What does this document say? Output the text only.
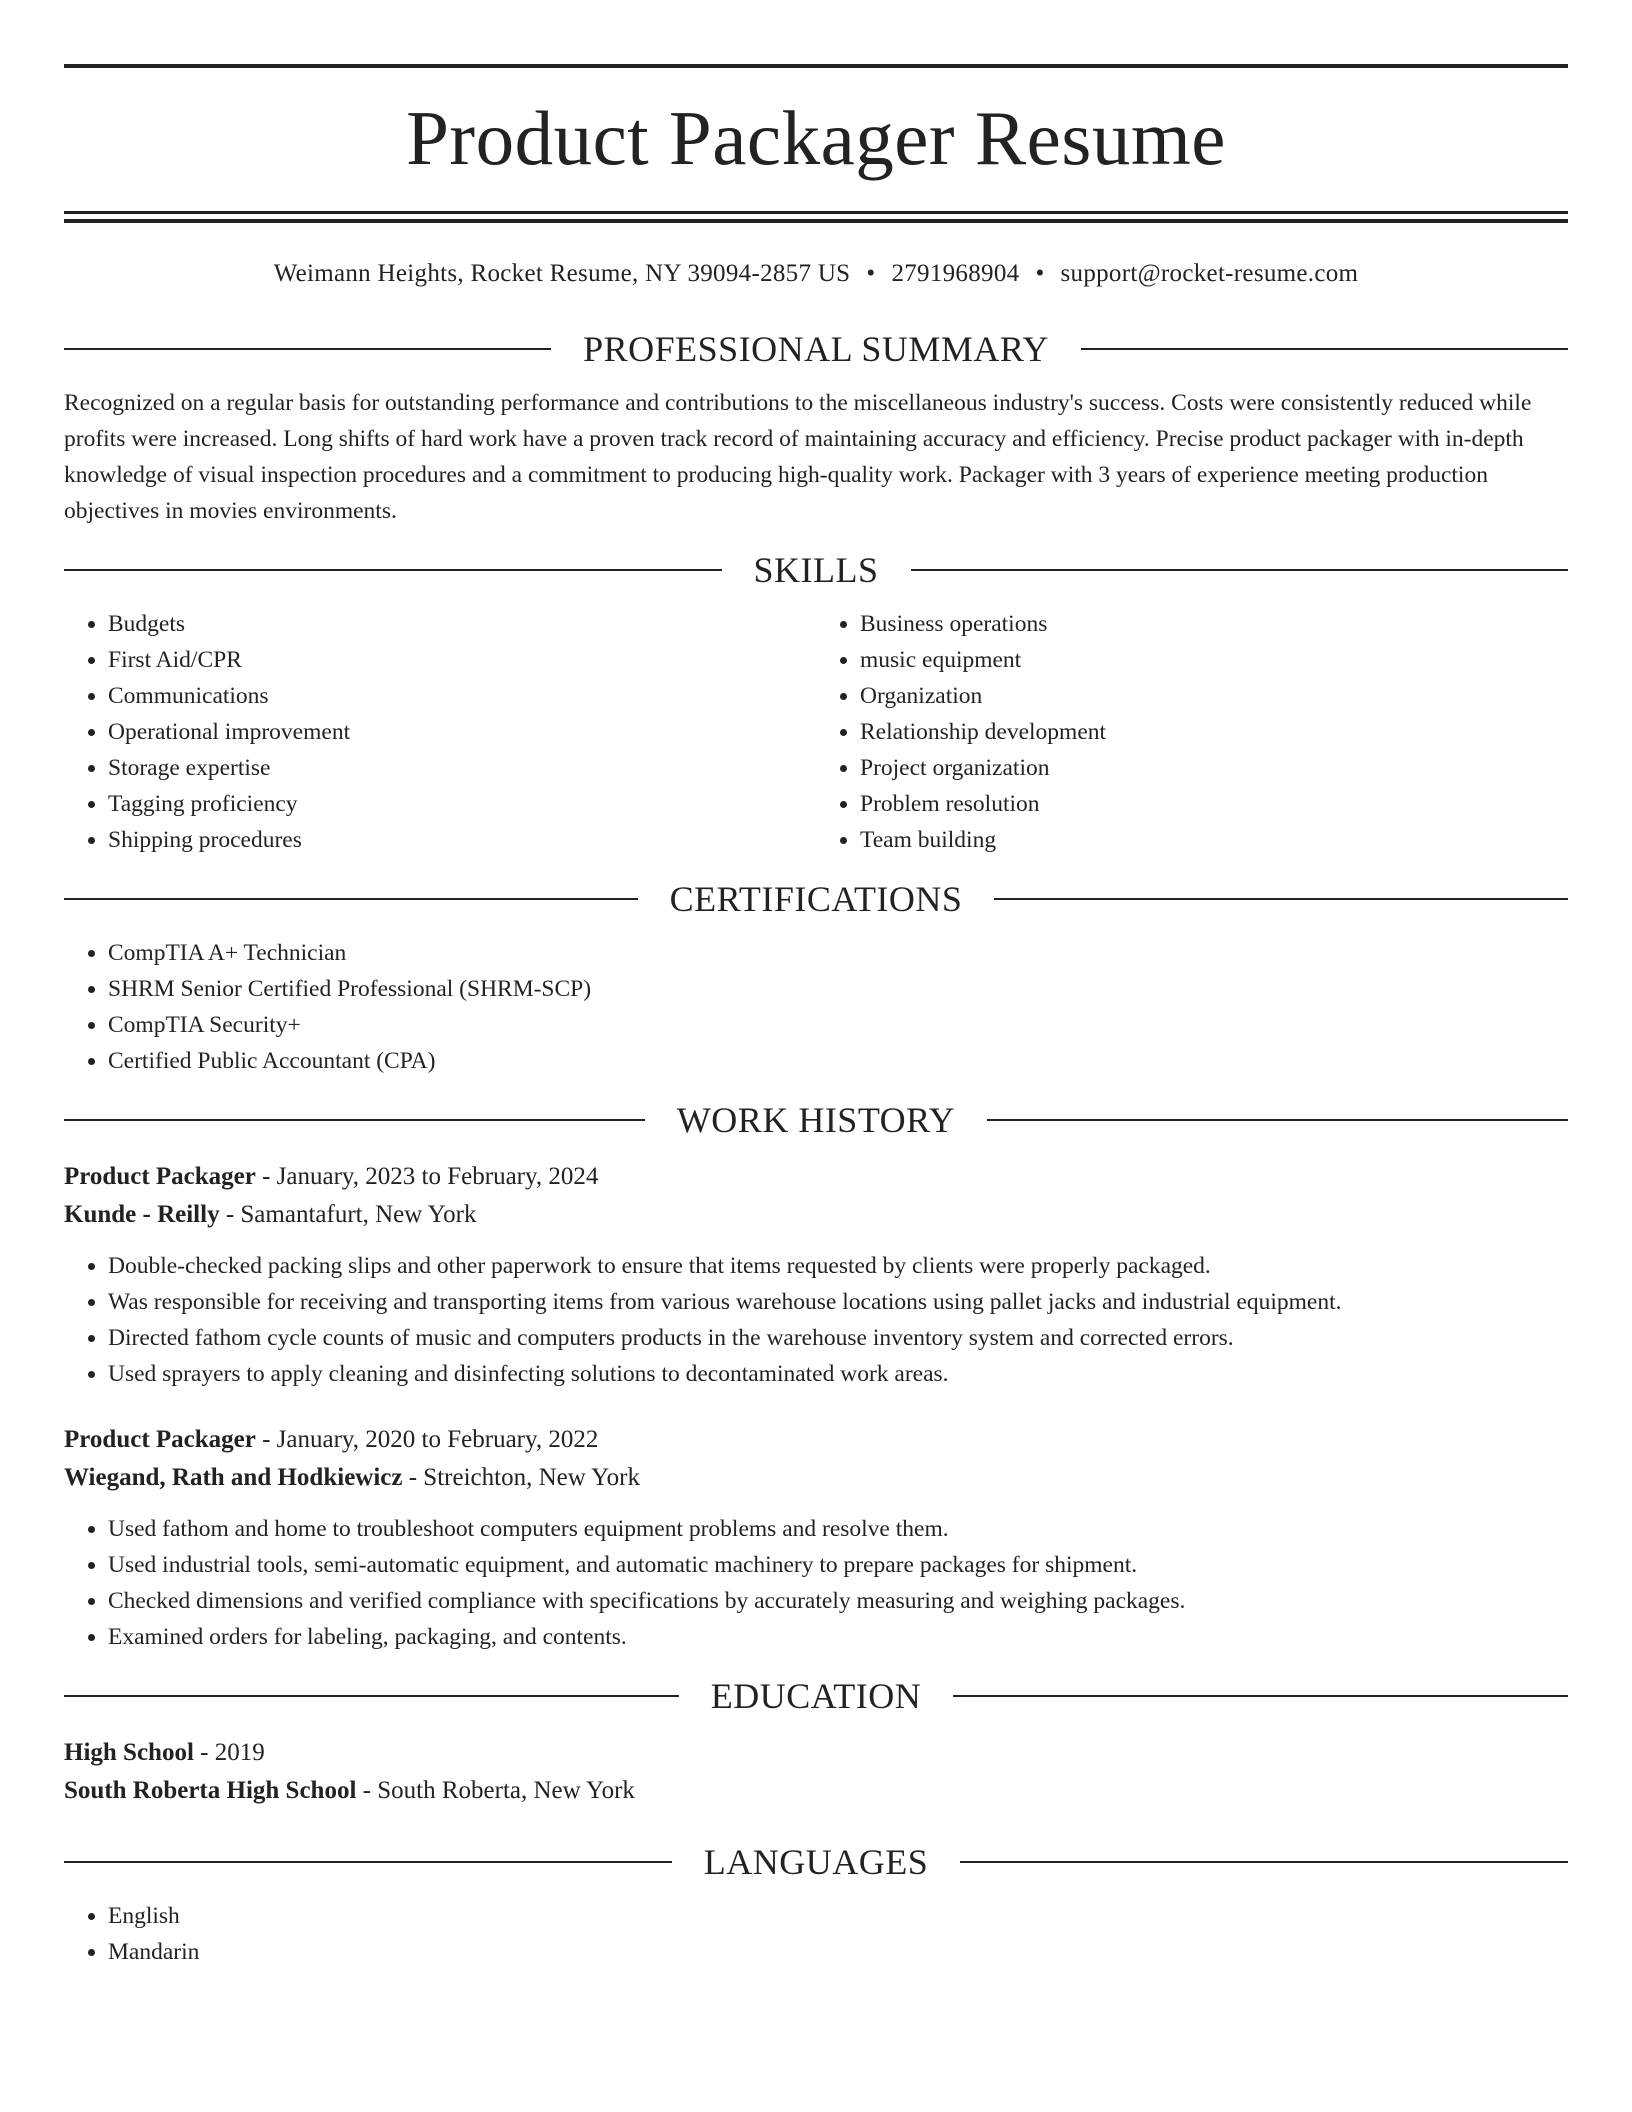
Product Packager Resume
Weimann Heights, Rocket Resume, NY 39094-2857 US • 2791968904 • support@rocket-resume.com
PROFESSIONAL SUMMARY

Recognized on a regular basis for outstanding performance and contributions to the miscellaneous industry's success. Costs were consistently reduced while profits were increased. Long shifts of hard work have a proven track record of maintaining accuracy and efficiency. Precise product packager with in-depth knowledge of visual inspection procedures and a commitment to producing high-quality work. Packager with 3 years of experience meeting production objectives in movies environments.

SKILLS
• Budgets
• First Aid/CPR
• Communications
• Operational improvement
• Storage expertise
• Tagging proficiency
• Shipping procedures
• Business operations
• music equipment
• Organization
• Relationship development
• Project organization
• Problem resolution
• Team building
CERTIFICATIONS
• CompTIA A+ Technician
• SHRM Senior Certified Professional (SHRM-SCP)
• CompTIA Security+
• Certified Public Accountant (CPA)
WORK HISTORY
Product Packager - January, 2023 to February, 2024
Kunde - Reilly - Samantafurt, New York
• Double-checked packing slips and other paperwork to ensure that items requested by clients were properly packaged.
• Was responsible for receiving and transporting items from various warehouse locations using pallet jacks and industrial equipment.
• Directed fathom cycle counts of music and computers products in the warehouse inventory system and corrected errors.
• Used sprayers to apply cleaning and disinfecting solutions to decontaminated work areas.
Product Packager - January, 2020 to February, 2022
Wiegand, Rath and Hodkiewicz - Streichton, New York
• Used fathom and home to troubleshoot computers equipment problems and resolve them.
• Used industrial tools, semi-automatic equipment, and automatic machinery to prepare packages for shipment.
• Checked dimensions and verified compliance with specifications by accurately measuring and weighing packages.
• Examined orders for labeling, packaging, and contents.
EDUCATION
High School - 2019
South Roberta High School - South Roberta, New York
LANGUAGES
• English
• Mandarin
